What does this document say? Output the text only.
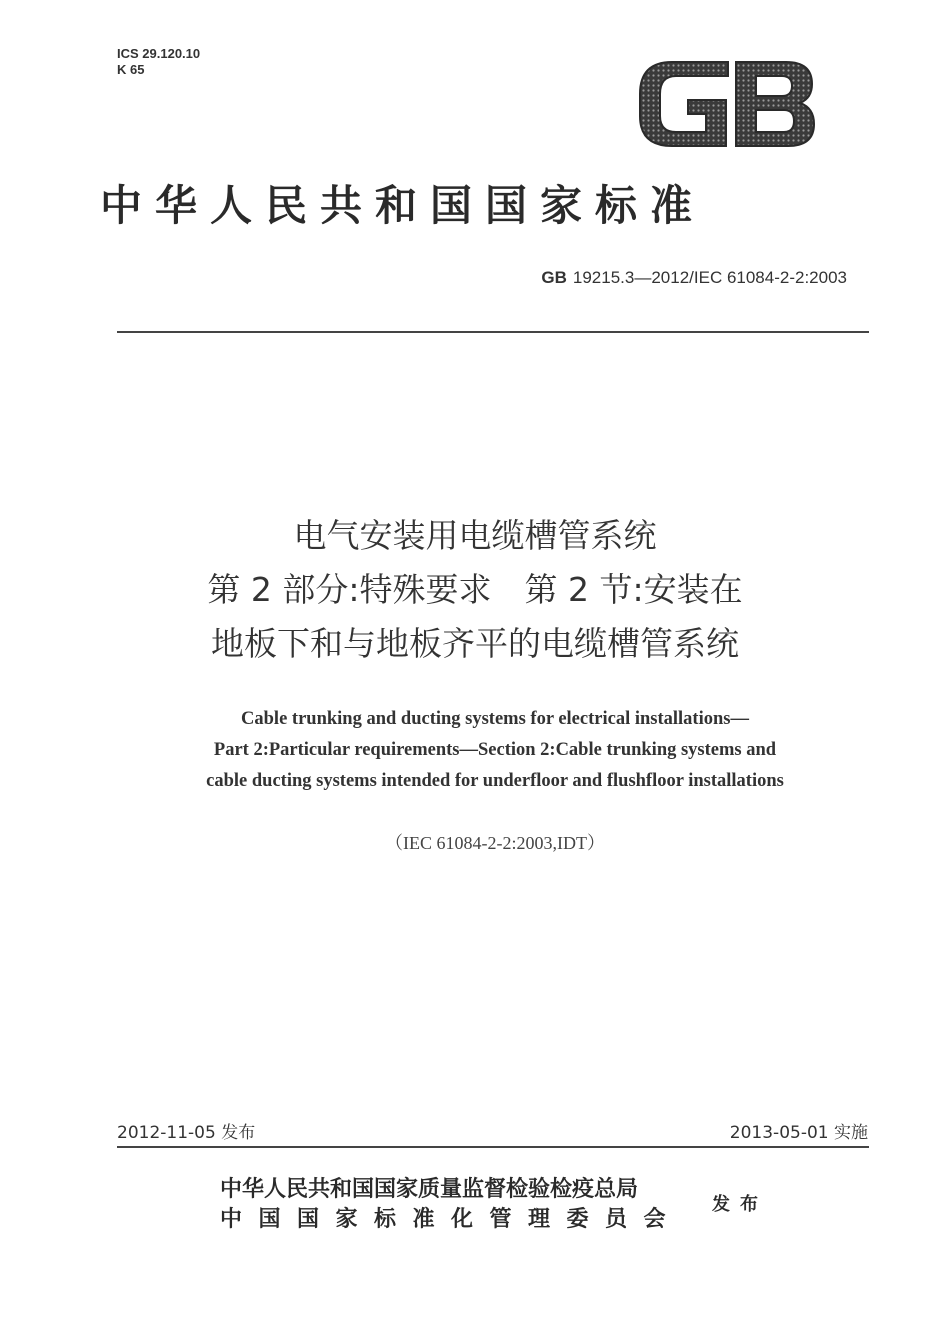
ICS 29.120.10
K 65
中华人民共和国国家标准
GB 19215.3—2012/IEC 61084-2-2:2003
电气安装用电缆槽管系统
第 2 部分:特殊要求　第 2 节:安装在
地板下和与地板齐平的电缆槽管系统
Cable trunking and ducting systems for electrical installations—
Part 2:Particular requirements—Section 2:Cable trunking systems and
cable ducting systems intended for underfloor and flushfloor installations
（IEC 61084-2-2:2003,IDT）
2012-11-05 发布	2013-05-01 实施
中华人民共和国国家质量监督检验检疫总局
中国国家标准化管理委员会
发布
